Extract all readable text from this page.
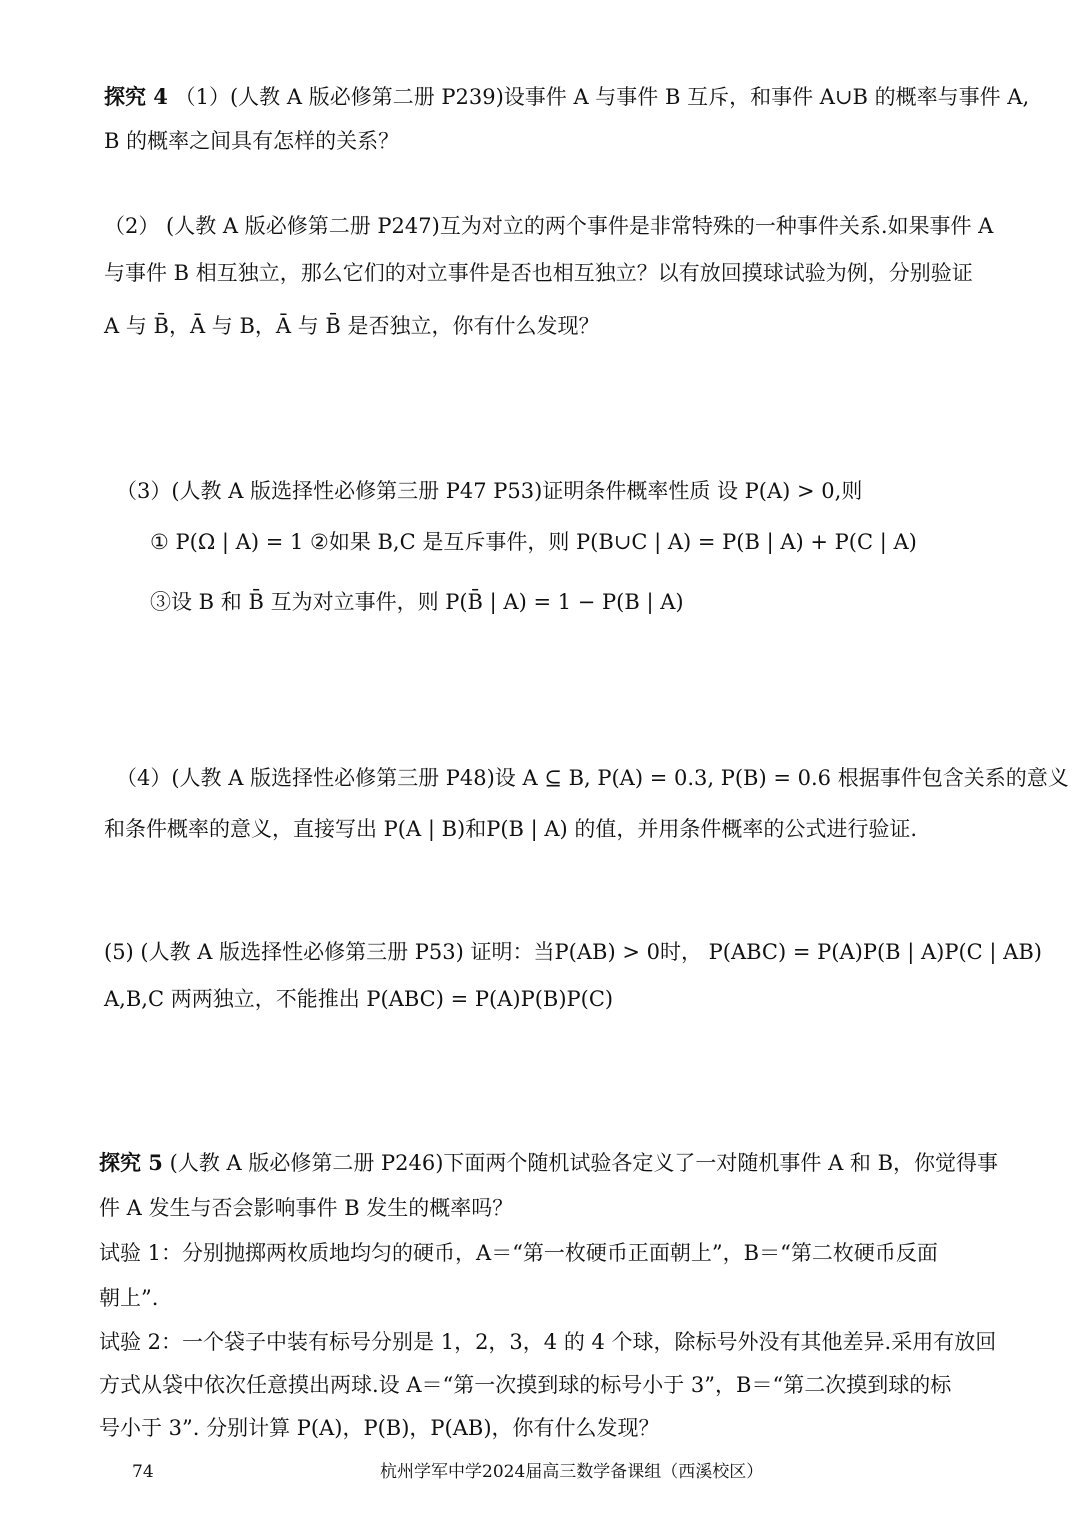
探究 4 （1）(人教 A 版必修第二册 P239)设事件 A 与事件 B 互斥，和事件 A∪B 的概率与事件 A,
B 的概率之间具有怎样的关系？
（2） (人教 A 版必修第二册 P247)互为对立的两个事件是非常特殊的一种事件关系.如果事件 A
与事件 B 相互独立，那么它们的对立事件是否也相互独立？以有放回摸球试验为例，分别验证
A 与 B̄，Ā 与 B，Ā 与 B̄ 是否独立，你有什么发现？
（3）(人教 A 版选择性必修第三册 P47 P53)证明条件概率性质 设 P(A) > 0,则
① P(Ω | A) = 1 ②如果 B,C 是互斥事件，则 P(B∪C | A) = P(B | A) + P(C | A)
③设 B 和 B̄ 互为对立事件，则 P(B̄ | A) = 1 − P(B | A)
（4）(人教 A 版选择性必修第三册 P48)设 A ⊆ B, P(A) = 0.3, P(B) = 0.6 根据事件包含关系的意义
和条件概率的意义，直接写出 P(A | B)和P(B | A) 的值，并用条件概率的公式进行验证.
(5) (人教 A 版选择性必修第三册 P53) 证明：当P(AB) > 0时， P(ABC) = P(A)P(B | A)P(C | AB)
A,B,C 两两独立，不能推出 P(ABC) = P(A)P(B)P(C)
探究 5 (人教 A 版必修第二册 P246)下面两个随机试验各定义了一对随机事件 A 和 B，你觉得事
件 A 发生与否会影响事件 B 发生的概率吗？
试验 1：分别抛掷两枚质地均匀的硬币，A＝“第一枚硬币正面朝上”，B＝“第二枚硬币反面
朝上”.
试验 2：一个袋子中装有标号分别是 1，2，3，4 的 4 个球，除标号外没有其他差异.采用有放回
方式从袋中依次任意摸出两球.设 A＝“第一次摸到球的标号小于 3”，B＝“第二次摸到球的标
号小于 3”. 分别计算 P(A)，P(B)，P(AB)，你有什么发现？
74	杭州学军中学2024届高三数学备课组（西溪校区）
